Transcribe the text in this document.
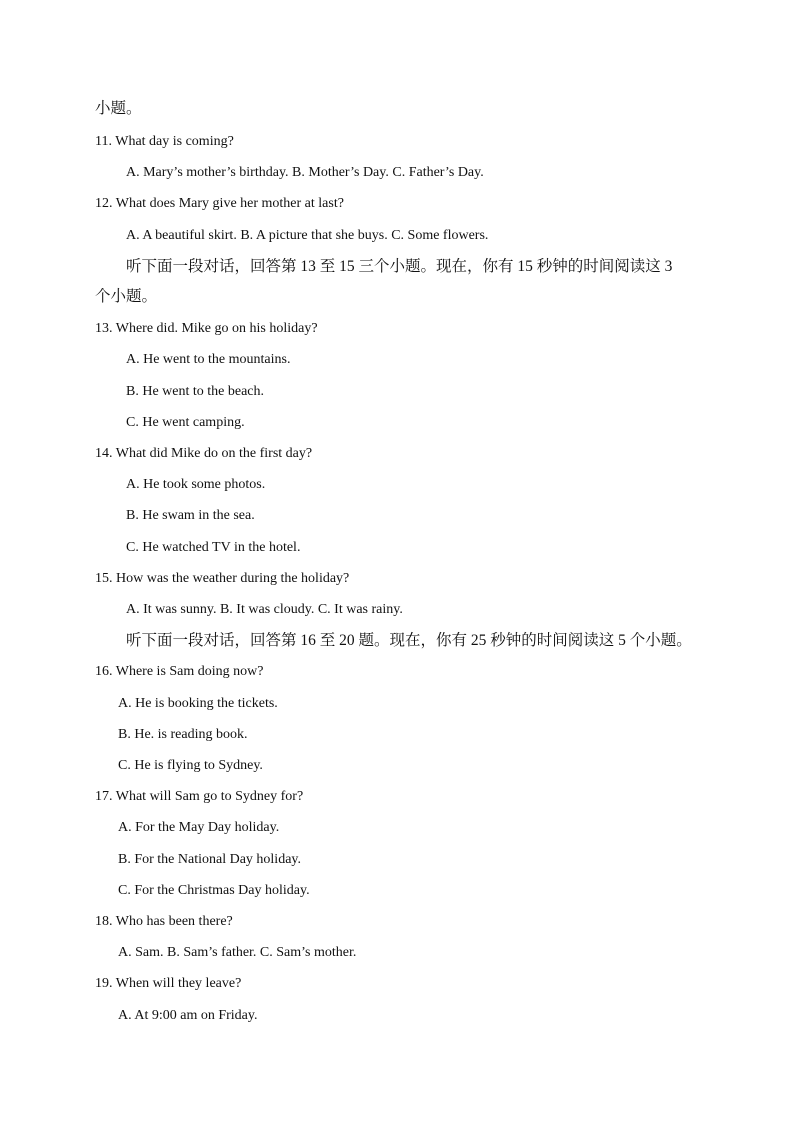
小题。
11. What day is coming?
A. Mary’s mother’s birthday. B. Mother’s Day. C. Father’s Day.
12. What does Mary give her mother at last?
A. A beautiful skirt. B. A picture that she buys. C. Some flowers.
听下面一段对话，回答第 13 至 15 三个小题。现在，你有 15 秒钟的时间阅读这 3
个小题。
13. Where did. Mike go on his holiday?
A. He went to the mountains.
B. He went to the beach.
C. He went camping.
14. What did Mike do on the first day?
A. He took some photos.
B. He swam in the sea.
C. He watched TV in the hotel.
15. How was the weather during the holiday?
A. It was sunny. B. It was cloudy. C. It was rainy.
听下面一段对话，回答第 16 至 20 题。现在，你有 25 秒钟的时间阅读这 5 个小题。
16. Where is Sam doing now?
A. He is booking the tickets.
B. He. is reading book.
C. He is flying to Sydney.
17. What will Sam go to Sydney for?
A. For the May Day holiday.
B. For the National Day holiday.
C. For the Christmas Day holiday.
18. Who has been there?
A. Sam. B. Sam’s father. C. Sam’s mother.
19. When will they leave?
A. At 9:00 am on Friday.
